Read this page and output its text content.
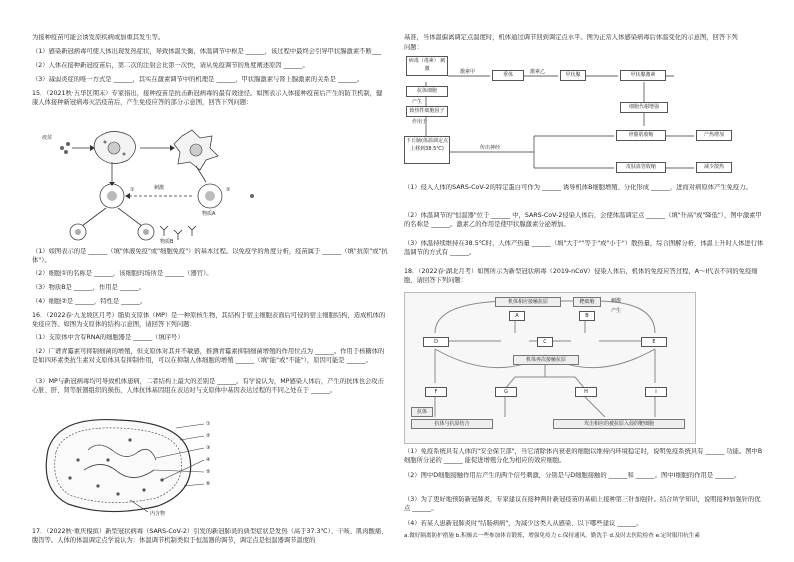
为接种疫苗可能会诱发原疾病或加重其发生等。
（1）感染新冠病毒可使人体出现发热症状，导致体温失衡，体温调节中枢是 ______，该过程中最终会引导甲状腺激素不断___
（2）人体在接种新冠疫苗后，第二次的注射会比第一次快，请从免疫调节的角度阐述原因 ______。
（3）减弱炎症的唯一方式是 ______，其实在激素调节中的机理是 ______，甲状腺激素与肾上腺激素的关系是 ______。
15．（2021秋·五华区期末）专家指出，接种疫苗是抗击新冠病毒的最有效途径。如图表示人体接种疫苗后产生的防卫机制，健康人体接种新冠病毒灭活疫苗后，产生免疫应答的部分示意图，回答下列问题：
疫苗
刺激
物质A
①	②
物质B
（1）如图表示的是 ______（填"体液免疫"或"细胞免疫"）的基本过程。以免疫学的角度分析，疫苗属于 ______（填"抗原"或"抗体"）。
（2）细胞①的名称是 ______，该细胞的场所是 ______（器官）。
（3）物质B是 ______，作用是 ______。
（4）细胞②是 ______，特性是 ______。
16．（2022春·九龙坡区月考）脂质支原体（MP）是一种原核生物，其结构于宿主细胞表面后可侵的宿主细胞结构，造成机体的免疫应答。如图为支原体的结构示意图，请回答下列问题：
（1）支原体中含有RNA的细胞器是 ______（填序号）
（2）广谱青霉素可抑制细菌的增殖，但支原体对其并不敏感，推测青霉素抑制细菌增殖的作用位点为 ______。作用于核糖体的是如四环素类抗生素对支原体具有抑制作用，可以在抑制人体细胞的增殖 ______（填"能"或"不能"），原因可能是 ______。
（3）MP与新冠病毒均可导致机体患病，二者结构上最大的差别是 ______。有学说认为，MP感染人体后，产生的抗体也会攻击心脏、肝、肾等脏器组织的损伤，人体抗体基因组在表达时与支原体中基因表达过程的不同之处在于 ______。
①
②
③
④
⑤
⑥
内含物
17．（2022秋·重庆模拟）新型冠状病毒（SARS-CoV-2）引发的新冠肺炎的典型症状是发热（高于37.3℃）、干咳、肌肉酸痛、腹泻等。人体的体温调定点学说认为：体温调节机制类似于恒温器的调节，调定点是恒温器调节温度的
基准，当体温偏离调定点温度时，机体通过调节回到调定点水平。图为正常人体感染病毒后体温变化的示意图，回答下列
问题：
病毒（毒素） 刺激
抗体细胞
产生
致热性细胞因子
作用于
下丘脑(体温调定点上移到38.5℃)
激素甲	垂体	激素乙	甲状腺
传出神经
甲状腺激素
细胞代谢增强
骨骼肌收缩
皮肤血管收缩
产热增加
减少散热
（1）侵入人体的SARS-CoV-2的特定蛋白可作为 ______ 诱导机体B细胞增殖、分化形成 ______，进而对病原体产生免疫力。
（2）体温调节的"恒温器"位于 ______ 中，SARS-CoV-2侵染人体后，会使体温调定点 ______（填"升高"或"降低"），图中激素甲的名称是 ______。激素乙的作用是使甲状腺激素分泌增加。
（3）体温持续维持在38.5℃时，人体产热量 ______（填"大于""等于"或"小于"）散热量，综合图解分析，体温上升时人体进行体温调节的方式有 ______。
18．（2022春·湖北月考）如图所示为新型冠状病毒（2019-nCoV）侵染人体后，机体的免疫应答过程，A～I代表不同的免疫细胞，请回答下列问题：
机体相应接触抗原	靶细胞	刺激
产生
A	B
C
D	E
机体再次接触抗原
F	G	H	I
抗体
抗体与抗原结合	攻击相应的被抗原入侵的靶细胞
（1）免疫系统具有人体的"安全保卫部"，当它清除体内衰老的细胞以维持内环境稳定时，说明免疫系统具有 ______ 功能。图中B细胞所分泌的 ______ 能促进增殖分化为相应的效应细胞。
（2）图中D细胞接触作用后产生的两个信号刺激，分别是与D细胞接触的 ______和 ______。图中I细胞的作用是 ______。
（3）为了更好地预防新冠肺炎，专家建议在接种两针新冠疫苗的基础上接种第三针加强针。结合所学知识，说明接种加强针的优点 ______。
（4）若某人患新冠肺炎时"结肠病病"，为减少这类人从感染、以下哪些建议 ______。
a.做好隔离防护措施 b.积极去一些参加体育锻炼，增强免疫力 c.保持通风，勤洗手 d.及时去医院检查 e.定时服用抗生素
